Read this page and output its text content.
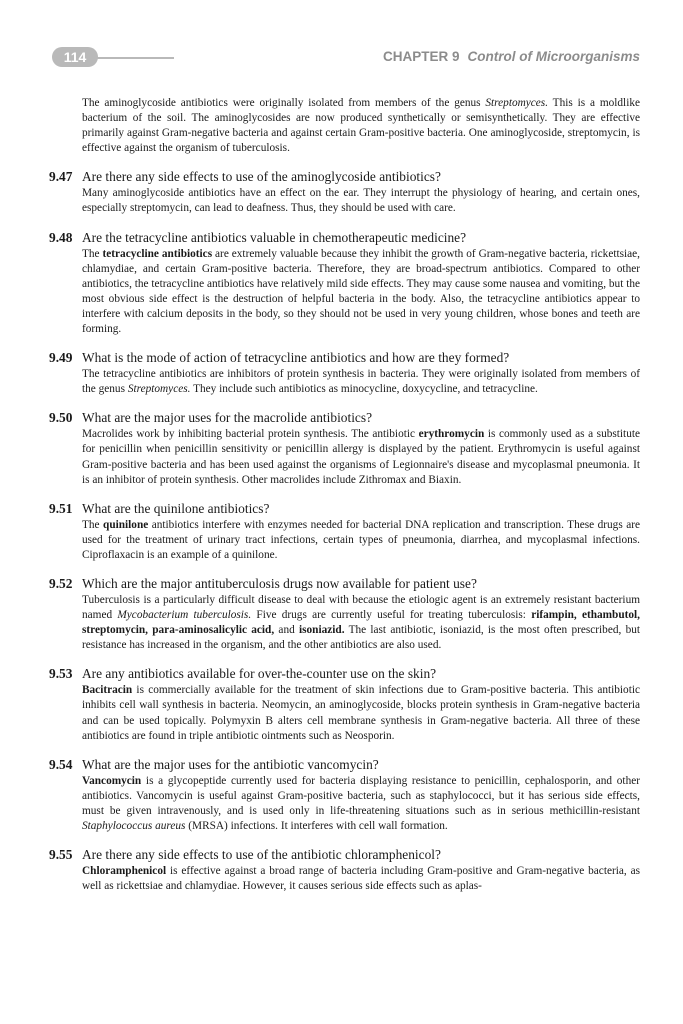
114	CHAPTER 9 Control of Microorganisms

The aminoglycoside antibiotics were originally isolated from members of the genus Streptomyces. This is a moldlike bacterium of the soil. The aminoglycosides are now produced synthetically or semisynthetically. They are effective primarily against Gram-negative bacteria and against certain Gram-positive bacteria. One aminoglycoside, streptomycin, is effective against the organism of tuberculosis.

9.47 Are there any side effects to use of the aminoglycoside antibiotics?

Many aminoglycoside antibiotics have an effect on the ear. They interrupt the physiology of hearing, and certain ones, especially streptomycin, can lead to deafness. Thus, they should be used with care.

9.48 Are the tetracycline antibiotics valuable in chemotherapeutic medicine?

The tetracycline antibiotics are extremely valuable because they inhibit the growth of Gram-negative bacteria, rickettsiae, chlamydiae, and certain Gram-positive bacteria. Therefore, they are broad-spectrum antibiotics. Compared to other antibiotics, the tetracycline antibiotics have relatively mild side effects. They may cause some nausea and vomiting, but the most obvious side effect is the destruction of helpful bacteria in the body. Also, the tetracycline antibiotics appear to interfere with calcium deposits in the body, so they should not be used in very young children, whose bones and teeth are forming.

9.49 What is the mode of action of tetracycline antibiotics and how are they formed?

The tetracycline antibiotics are inhibitors of protein synthesis in bacteria. They were originally isolated from members of the genus Streptomyces. They include such antibiotics as minocycline, doxycycline, and tetracycline.

9.50 What are the major uses for the macrolide antibiotics?

Macrolides work by inhibiting bacterial protein synthesis. The antibiotic erythromycin is commonly used as a substitute for penicillin when penicillin sensitivity or penicillin allergy is displayed by the patient. Erythromycin is useful against Gram-positive bacteria and has been used against the organisms of Legionnaire's disease and mycoplasmal pneumonia. It is an inhibitor of protein synthesis. Other macrolides include Zithromax and Biaxin.

9.51 What are the quinilone antibiotics?

The quinilone antibiotics interfere with enzymes needed for bacterial DNA replication and transcription. These drugs are used for the treatment of urinary tract infections, certain types of pneumonia, diarrhea, and mycoplasmal infections. Ciproflaxacin is an example of a quinilone.

9.52 Which are the major antituberculosis drugs now available for patient use?

Tuberculosis is a particularly difficult disease to deal with because the etiologic agent is an extremely resistant bacterium named Mycobacterium tuberculosis. Five drugs are currently useful for treating tuberculosis: rifampin, ethambutol, streptomycin, para-aminosalicylic acid, and isoniazid. The last antibiotic, isoniazid, is the most often prescribed, but resistance has increased in the organism, and the other antibiotics are also used.

9.53 Are any antibiotics available for over-the-counter use on the skin?

Bacitracin is commercially available for the treatment of skin infections due to Gram-positive bacteria. This antibiotic inhibits cell wall synthesis in bacteria. Neomycin, an aminoglycoside, blocks protein synthesis in Gram-negative bacteria and can be used topically. Polymyxin B alters cell membrane synthesis in Gram-negative bacteria. All three of these antibiotics are found in triple antibiotic ointments such as Neosporin.

9.54 What are the major uses for the antibiotic vancomycin?

Vancomycin is a glycopeptide currently used for bacteria displaying resistance to penicillin, cephalosporin, and other antibiotics. Vancomycin is useful against Gram-positive bacteria, such as staphylococci, but it has serious side effects, must be given intravenously, and is used only in life-threatening situations such as in serious methicillin-resistant Staphylococcus aureus (MRSA) infections. It interferes with cell wall formation.

9.55 Are there any side effects to use of the antibiotic chloramphenicol?

Chloramphenicol is effective against a broad range of bacteria including Gram-positive and Gram-negative bacteria, as well as rickettsiae and chlamydiae. However, it causes serious side effects such as aplas-
